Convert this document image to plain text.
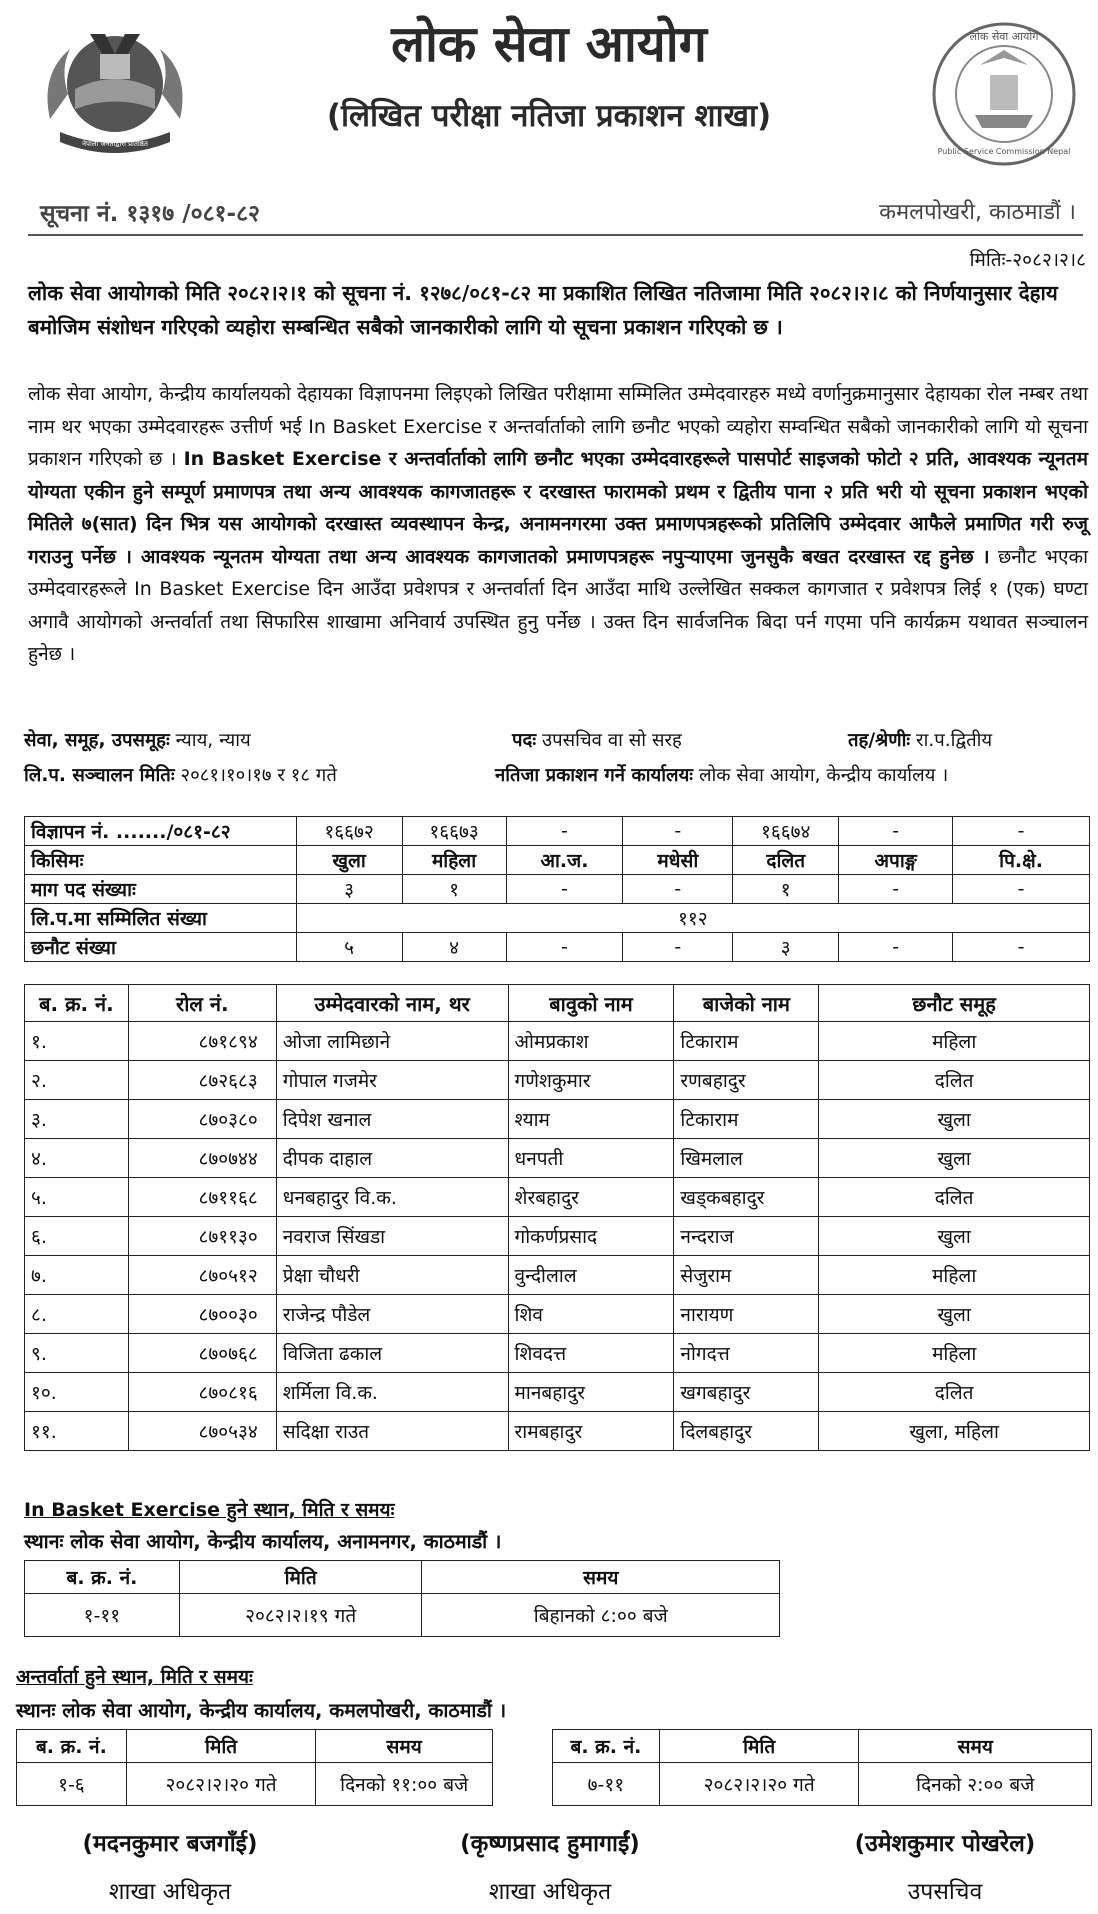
नेपाली जनताद्वारा प्रतिष्ठित
Public Service Commission Nepal
लोक सेवा आयोग
लोक सेवा आयोग
(लिखित परीक्षा नतिजा प्रकाशन शाखा)
सूचना नं. १३१७ /०८१-८२	कमलपोखरी, काठमाडौं ।
मितिः-२०८२।२।८
लोक सेवा आयोगको मिति २०८२।२।१ को सूचना नं. १२७८/०८१-८२ मा प्रकाशित लिखित नतिजामा मिति २०८२।२।८ को निर्णयानुसार देहाय बमोजिम संशोधन गरिएको व्यहोरा सम्बन्धित सबैको जानकारीको लागि यो सूचना प्रकाशन गरिएको छ ।
लोक सेवा आयोग, केन्द्रीय कार्यालयको देहायका विज्ञापनमा लिइएको लिखित परीक्षामा सम्मिलित उम्मेदवारहरु मध्ये वर्णानुक्रमानुसार देहायका रोल नम्बर तथा नाम थर भएका उम्मेदवारहरू उत्तीर्ण भई In Basket Exercise र अन्तर्वार्ताको लागि छनौट भएको व्यहोरा सम्वन्धित सबैको जानकारीको लागि यो सूचना प्रकाशन गरिएको छ । In Basket Exercise र अन्तर्वार्ताको लागि छनौट भएका उम्मेदवारहरूले पासपोर्ट साइजको फोटो २ प्रति, आवश्यक न्यूनतम योग्यता एकीन हुने सम्पूर्ण प्रमाणपत्र तथा अन्य आवश्यक कागजातहरू र दरखास्त फारामको प्रथम र द्वितीय पाना २ प्रति भरी यो सूचना प्रकाशन भएको मितिले ७(सात) दिन भित्र यस आयोगको दरखास्त व्यवस्थापन केन्द्र, अनामनगरमा उक्त प्रमाणपत्रहरूको प्रतिलिपि उम्मेदवार आफैले प्रमाणित गरी रुजू गराउनु पर्नेछ । आवश्यक न्यूनतम योग्यता तथा अन्य आवश्यक कागजातको प्रमाणपत्रहरू नपुऱ्याएमा जुनसुकै बखत दरखास्त रद्द हुनेछ । छनौट भएका उम्मेदवारहरूले In Basket Exercise दिन आउँदा प्रवेशपत्र र अन्तर्वार्ता दिन आउँदा माथि उल्लेखित सक्कल कागजात र प्रवेशपत्र लिई १ (एक) घण्टा अगावै आयोगको अन्तर्वार्ता तथा सिफारिस शाखामा अनिवार्य उपस्थित हुनु पर्नेछ । उक्त दिन सार्वजनिक बिदा पर्न गएमा पनि कार्यक्रम यथावत सञ्चालन हुनेछ ।
सेवा, समूह, उपसमूहः न्याय, न्याय	पदः उपसचिव वा सो सरह	तह/श्रेणीः रा.प.द्वितीय
लि.प. सञ्चालन मितिः २०८१।१०।१७ र १८ गते	नतिजा प्रकाशन गर्ने कार्यालयः लोक सेवा आयोग, केन्द्रीय कार्यालय ।
विज्ञापन नं. ......./०८१-८२	१६६७२	१६६७३	-	-	१६६७४	-	-
किसिमः	खुला	महिला	आ.ज.	मधेसी	दलित	अपाङ्ग	पि.क्षे.
माग पद संख्याः	३	१	-	-	१	-	-
लि.प.मा सम्मिलित संख्या	११२						
छनौट संख्या	५	४	-	-	३	-	-
ब. क्र. नं.	रोल नं.	उम्मेदवारको नाम, थर	बावुको नाम	बाजेको नाम	छनौट समूह
१.	८७१८९४	ओजा लामिछाने	ओमप्रकाश	टिकाराम	महिला
२.	८७२६८३	गोपाल गजमेर	गणेशकुमार	रणबहादुर	दलित
३.	८७०३८०	दिपेश खनाल	श्याम	टिकाराम	खुला
४.	८७०७४४	दीपक दाहाल	धनपती	खिमलाल	खुला
५.	८७११६८	धनबहादुर वि.क.	शेरबहादुर	खड्कबहादुर	दलित
६.	८७११३०	नवराज सिंखडा	गोकर्णप्रसाद	नन्दराज	खुला
७.	८७०५१२	प्रेक्षा चौधरी	वुन्दीलाल	सेजुराम	महिला
८.	८७००३०	राजेन्द्र पौडेल	शिव	नारायण	खुला
९.	८७०७६८	विजिता ढकाल	शिवदत्त	नोगदत्त	महिला
१०.	८७०८१६	शर्मिला वि.क.	मानबहादुर	खगबहादुर	दलित
११.	८७०५३४	सदिक्षा राउत	रामबहादुर	दिलबहादुर	खुला, महिला
In Basket Exercise हुने स्थान, मिति र समयः
स्थानः लोक सेवा आयोग, केन्द्रीय कार्यालय, अनामनगर, काठमाडौं ।
ब. क्र. नं.	मिति	समय
१-११	२०८२।२।१९ गते	बिहानको ८:०० बजे
अन्तर्वार्ता हुने स्थान, मिति र समयः
स्थानः लोक सेवा आयोग, केन्द्रीय कार्यालय, कमलपोखरी, काठमाडौं ।
ब. क्र. नं.	मिति	समय
१-६	२०८२।२।२० गते	दिनको ११:०० बजे
ब. क्र. नं.	मिति	समय
७-११	२०८२।२।२० गते	दिनको २:०० बजे
(मदनकुमार बजगाँई)	(कृष्णप्रसाद हुमागाईं)	(उमेशकुमार पोखरेल)
शाखा अधिकृत	शाखा अधिकृत	उपसचिव
